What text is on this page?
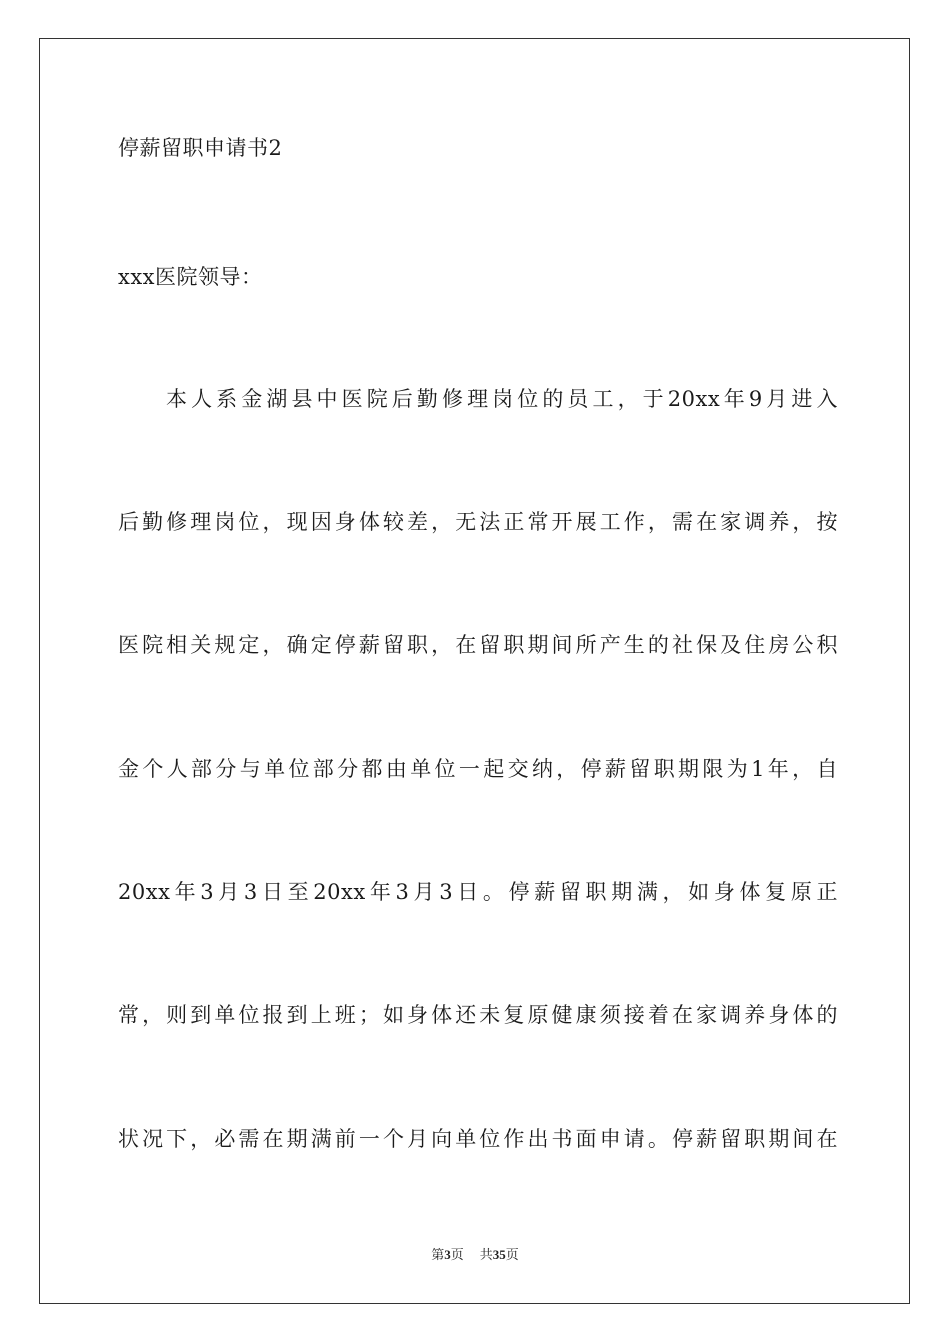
停薪留职申请书2
xxx医院领导：
本人系金湖县中医院后勤修理岗位的员工，于20xx年9月进入
后勤修理岗位，现因身体较差，无法正常开展工作，需在家调养，按
医院相关规定，确定停薪留职，在留职期间所产生的社保及住房公积
金个人部分与单位部分都由单位一起交纳，停薪留职期限为1年，自
20xx年3月3日至20xx年3月3日。停薪留职期满，如身体复原正
常，则到单位报到上班；如身体还未复原健康须接着在家调养身体的
状况下，必需在期满前一个月向单位作出书面申请。停薪留职期间在
第3页 共35页
